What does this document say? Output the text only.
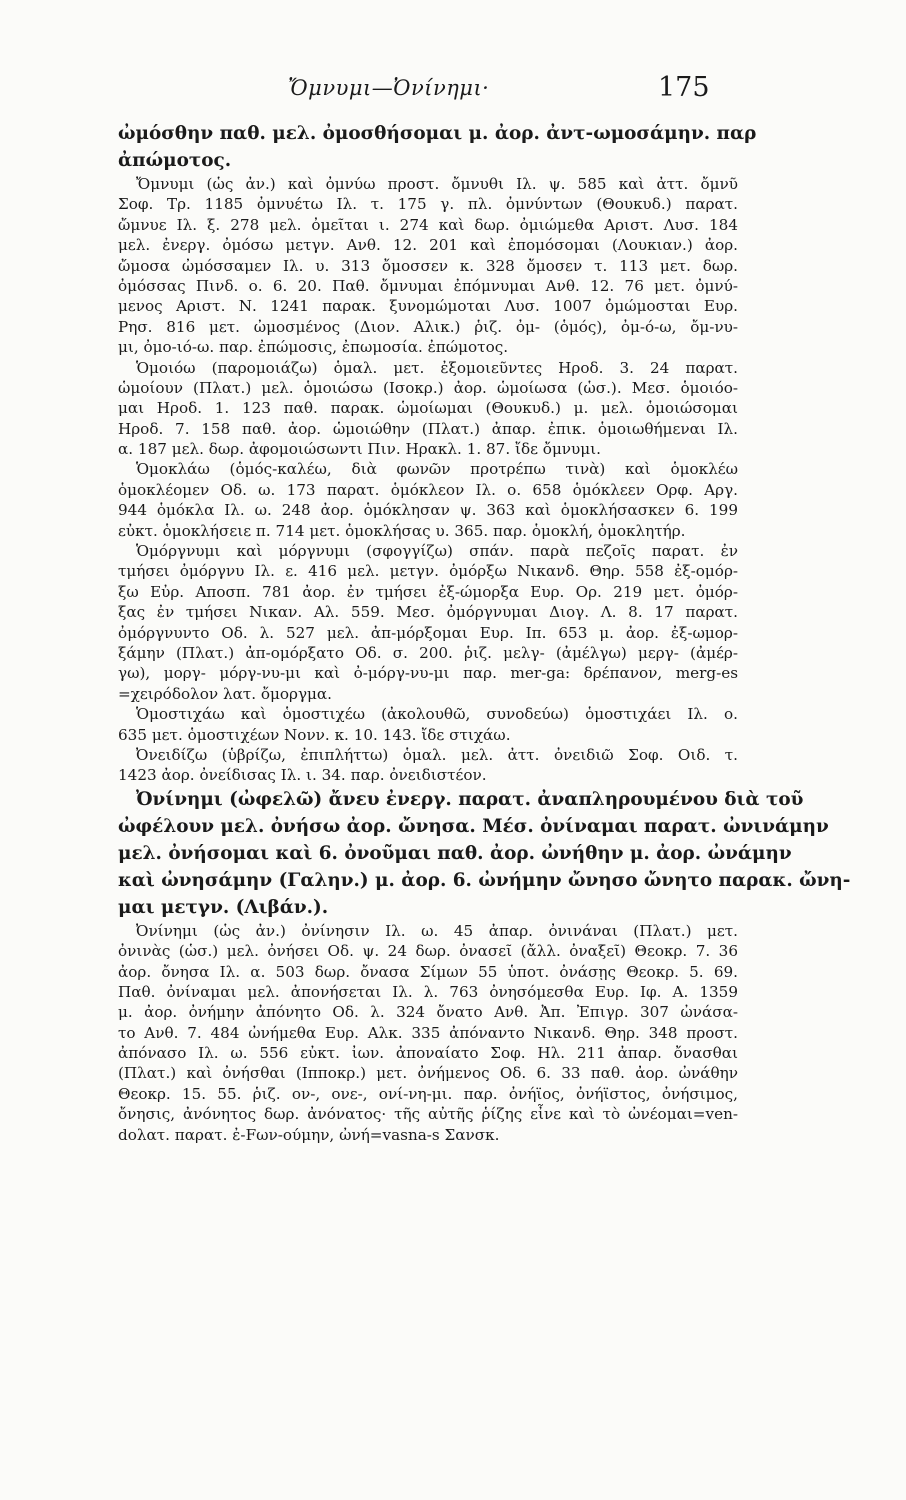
Ὄμνυμι—Ὀνίνημι·	175
ὠμόσθην παθ. μελ. ὀμοσθήσομαι μ. ἀορ. ἀντ-ωμοσάμην. παρ
ἀπώμοτος.
Ὄμνυμι (ὡς ἀν.) καὶ ὀμνύω προστ. ὄμνυθι Ιλ. ψ. 585 καὶ ἀττ. ὄμνῦ
Σοφ. Τρ. 1185 ὀμνυέτω Ιλ. τ. 175 γ. πλ. ὀμνύντων (Θουκυδ.) παρατ.
ὤμνυε Ιλ. ξ. 278 μελ. ὀμεῖται ι. 274 καὶ δωρ. ὀμιώμεθα Αριστ. Λυσ. 184
μελ. ἐνεργ. ὀμόσω μετγν. Ανθ. 12. 201 καὶ ἐπομόσομαι (Λουκιαν.) ἀορ.
ὤμοσα ὠμόσσαμεν Ιλ. υ. 313 ὄμοσσεν κ. 328 ὄμοσεν τ. 113 μετ. δωρ.
ὀμόσσας Πινδ. ο. 6. 20. Παθ. ὄμνυμαι ἐπόμνυμαι Ανθ. 12. 76 μετ. ὀμνύ-
μενος Αριστ. Ν. 1241 παρακ. ξυνομώμοται Λυσ. 1007 ὀμώμοσται Ευρ.
Ρησ. 816 μετ. ὠμοσμένος (Διον. Αλικ.) ῥιζ. ὀμ- (ὁμός), ὀμ-ό-ω, ὄμ-νυ-
μι, ὀμο-ιό-ω. παρ. ἐπώμοσις, ἐπωμοσία. ἐπώμοτος.
Ὁμοιόω (παρομοιάζω) ὁμαλ. μετ. ἐξομοιεῦντες Ηροδ. 3. 24 παρατ.
ὡμοίουν (Πλατ.) μελ. ὁμοιώσω (Ισοκρ.) ἀορ. ὡμοίωσα (ὡσ.). Μεσ. ὁμοιόο-
μαι Ηροδ. 1. 123 παθ. παρακ. ὡμοίωμαι (Θουκυδ.) μ. μελ. ὁμοιώσομαι
Ηροδ. 7. 158 παθ. ἀορ. ὡμοιώθην (Πλατ.) ἀπαρ. ἐπικ. ὁμοιωθήμεναι Ιλ.
α. 187 μελ. δωρ. ἀφομοιώσωντι Πιν. Ηρακλ. 1. 87. ἴδε ὄμνυμι.
Ὁμοκλάω (ὁμός-καλέω, διὰ φωνῶν προτρέπω τινὰ) καὶ ὁμοκλέω
ὁμοκλέομεν Οδ. ω. 173 παρατ. ὁμόκλεον Ιλ. ο. 658 ὁμόκλεεν Ορφ. Αργ.
944 ὁμόκλα Ιλ. ω. 248 ἀορ. ὁμόκλησαν ψ. 363 καὶ ὁμοκλήσασκεν 6. 199
εὐκτ. ὁμοκλήσειε π. 714 μετ. ὁμοκλήσας υ. 365. παρ. ὁμοκλή, ὁμοκλητήρ.
Ὁμόργνυμι καὶ μόργνυμι (σφογγίζω) σπάν. παρὰ πεζοῖς παρατ. ἐν
τμήσει ὀμόργνυ Ιλ. ε. 416 μελ. μετγν. ὀμόρξω Νικανδ. Θηρ. 558 ἐξ-ομόρ-
ξω Εὐρ. Αποσπ. 781 ἀορ. ἐν τμήσει ἐξ-ώμορξα Ευρ. Ορ. 219 μετ. ὀμόρ-
ξας ἐν τμήσει Νικαν. Αλ. 559. Μεσ. ὀμόργνυμαι Διογ. Λ. 8. 17 παρατ.
ὀμόργνυντο Οδ. λ. 527 μελ. ἀπ-μόρξομαι Ευρ. Ιπ. 653 μ. ἀορ. ἐξ-ωμορ-
ξάμην (Πλατ.) ἀπ-ομόρξατο Οδ. σ. 200. ῥιζ. μελγ- (ἀμέλγω) μεργ- (ἀμέρ-
γω), μοργ- μόργ-νυ-μι καὶ ὀ-μόργ-νυ-μι παρ. mer-ga: δρέπανον, merg-es
=χειρόδολον λατ. ὄμοργμα.
Ὁμοστιχάω καὶ ὁμοστιχέω (ἀκολουθῶ, συνοδεύω) ὁμοστιχάει Ιλ. ο.
635 μετ. ὁμοστιχέων Νονν. κ. 10. 143. ἴδε στιχάω.
Ὀνειδίζω (ὑβρίζω, ἐπιπλήττω) ὁμαλ. μελ. ἀττ. ὀνειδιῶ Σοφ. Οιδ. τ.
1423 ἀορ. ὀνείδισας Ιλ. ι. 34. παρ. ὀνειδιστέον.
Ὀνίνημι (ὠφελῶ) ἄνευ ἐνεργ. παρατ. ἀναπληρουμένου διὰ τοῦ
ὠφέλουν μελ. ὀνήσω ἀορ. ὤνησα. Μέσ. ὀνίναμαι παρατ. ὠνινάμην
μελ. ὀνήσομαι καὶ 6. ὀνοῦμαι παθ. ἀορ. ὠνήθην μ. ἀορ. ὠνάμην
καὶ ὠνησάμην (Γαλην.) μ. ἀορ. 6. ὠνήμην ὤνησο ὤνητο παρακ. ὤνη-
μαι μετγν. (Λιβάν.).
Ὀνίνημι (ὡς ἀν.) ὀνίνησιν Ιλ. ω. 45 ἀπαρ. ὀνινάναι (Πλατ.) μετ.
ὀνινὰς (ὡσ.) μελ. ὀνήσει Οδ. ψ. 24 δωρ. ὀνασεῖ (ἄλλ. ὀναξεῖ) Θεοκρ. 7. 36
ἀορ. ὄνησα Ιλ. α. 503 δωρ. ὄνασα Σίμων 55 ὑποτ. ὀνάσῃς Θεοκρ. 5. 69.
Παθ. ὀνίναμαι μελ. ἀπονήσεται Ιλ. λ. 763 ὀνησόμεσθα Ευρ. Ιφ. Α. 1359
μ. ἀορ. ὀνήμην ἀπόνητο Οδ. λ. 324 ὄνατο Ανθ. Ἀπ. Ἐπιγρ. 307 ὠνάσα-
το Ανθ. 7. 484 ὠνήμεθα Ευρ. Αλκ. 335 ἀπόναντο Νικανδ. Θηρ. 348 προστ.
ἀπόνασο Ιλ. ω. 556 εὐκτ. ἰων. ἀποναίατο Σοφ. Ηλ. 211 ἀπαρ. ὄνασθαι
(Πλατ.) καὶ ὀνήσθαι (Ιπποκρ.) μετ. ὀνήμενος Οδ. 6. 33 παθ. ἀορ. ὠνάθην
Θεοκρ. 15. 55. ῥιζ. ον-, ονε-, ονί-νη-μι. παρ. ὀνήϊος, ὀνήϊστος, ὀνήσιμος,
ὄνησις, ἀνόνητος δωρ. ἀνόνατος· τῆς αὐτῆς ῥίζης εἶνε καὶ τὸ ὠνέομαι=ven-
dολατ. παρατ. ἐ-Fων-ούμην, ὠνή=vasna-s Σανσκ.
